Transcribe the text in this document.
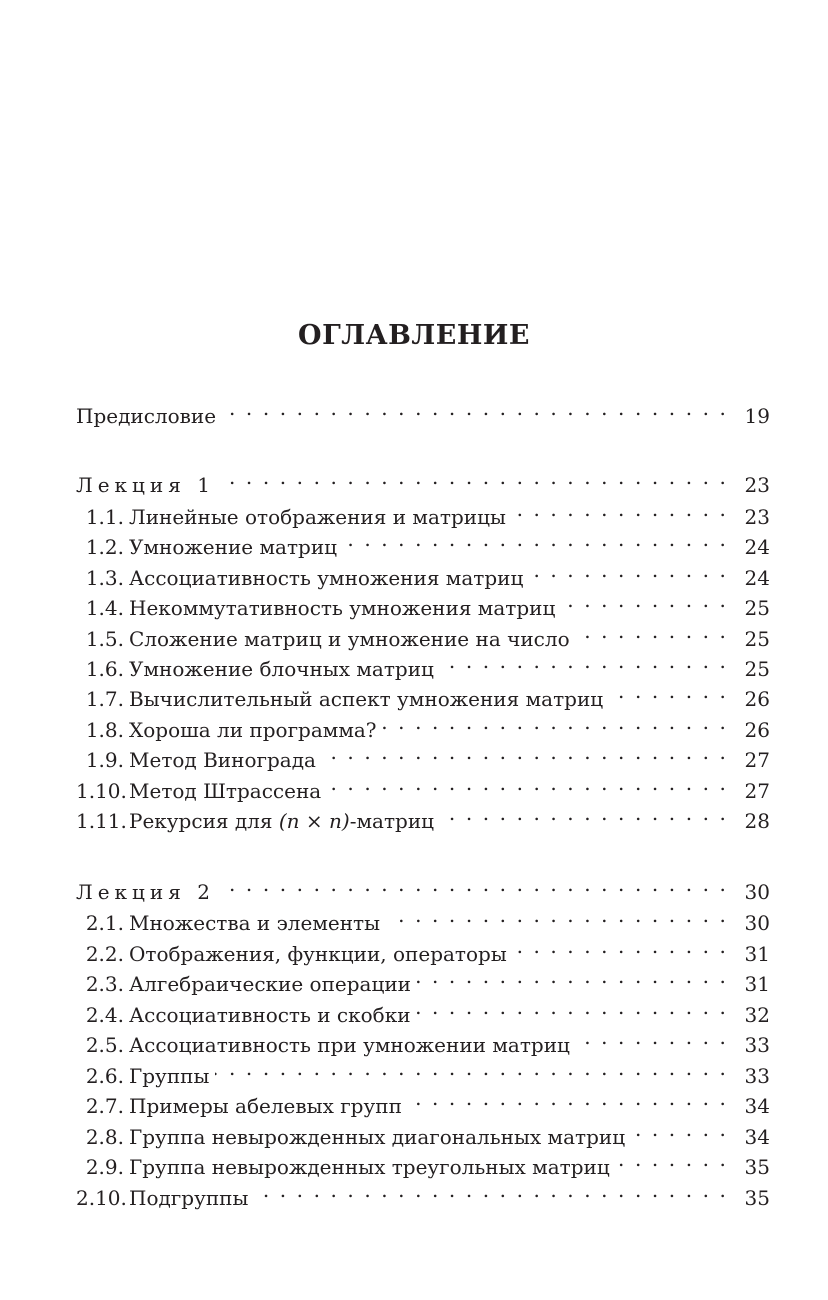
ОГЛАВЛЕНИЕ
Предисловие . . .	19
Лекция 1 . . .	23
1.1. Линейные отображения и матрицы . . .	23
1.2. Умножение матриц . . .	24
1.3. Ассоциативность умножения матриц . . .	24
1.4. Некоммутативность умножения матриц . . .	25
1.5. Сложение матриц и умножение на число . . .	25
1.6. Умножение блочных матриц . . .	25
1.7. Вычислительный аспект умножения матриц . . .	26
1.8. Хороша ли программа? . . .	26
1.9. Метод Винограда . . .	27
1.10. Метод Штрассена . . .	27
1.11. Рекурсия для (n × n)-матриц . . .	28
Лекция 2 . . .	30
2.1. Множества и элементы . . .	30
2.2. Отображения, функции, операторы . . .	31
2.3. Алгебраические операции . . .	31
2.4. Ассоциативность и скобки . . .	32
2.5. Ассоциативность при умножении матриц . . .	33
2.6. Группы . . .	33
2.7. Примеры абелевых групп . . .	34
2.8. Группа невырожденных диагональных матриц . . .	34
2.9. Группа невырожденных треугольных матриц . . .	35
2.10. Подгруппы . . .	35
